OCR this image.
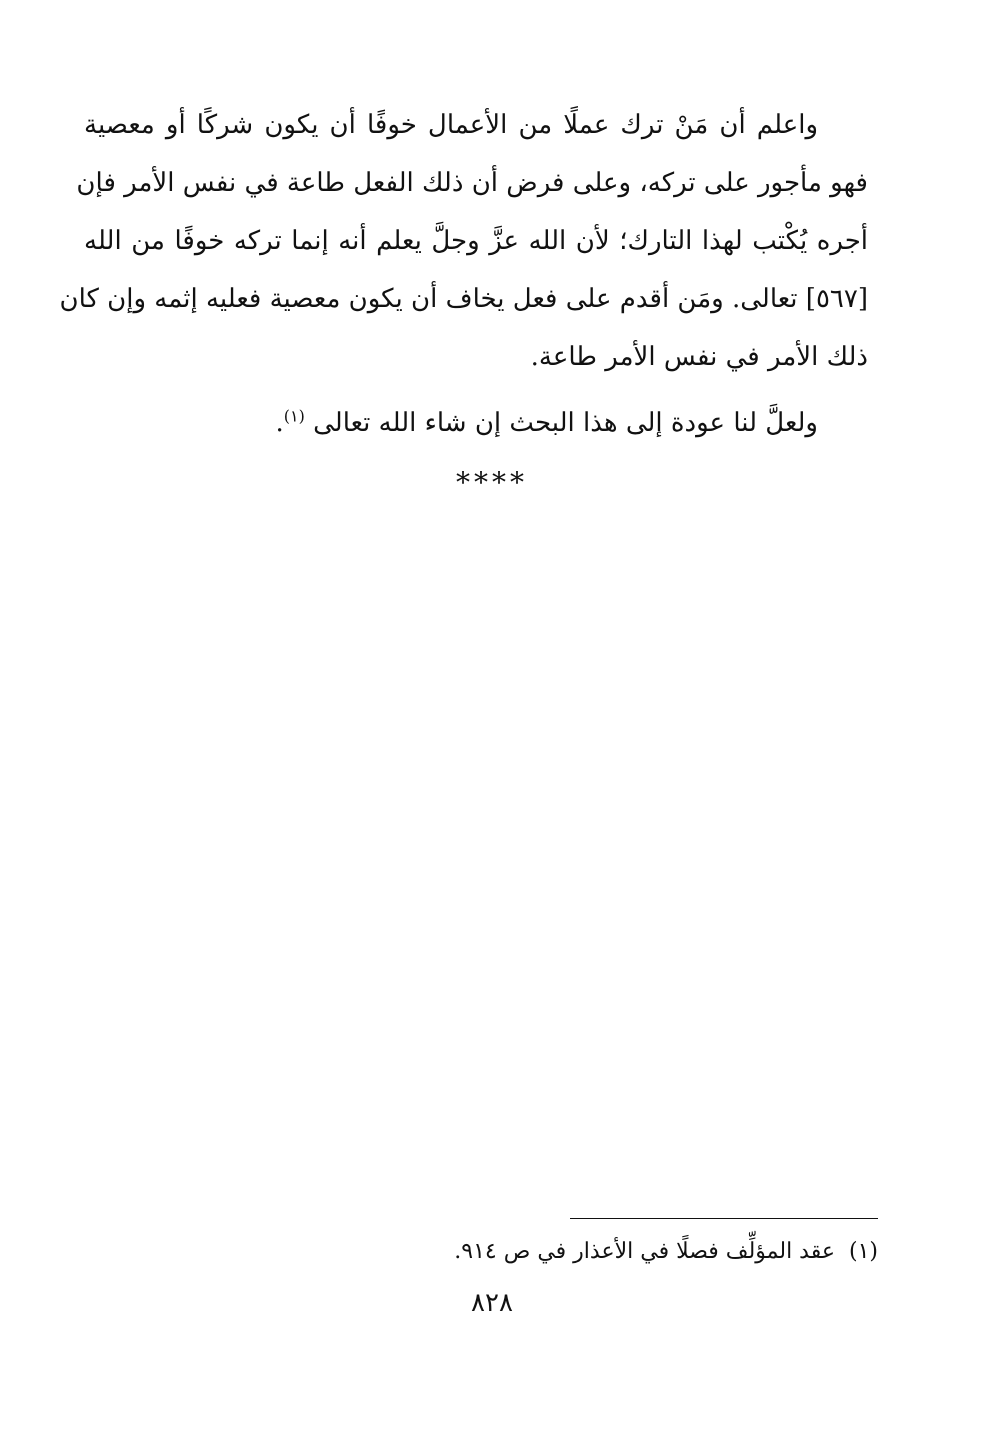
واعلم أن مَنْ ترك عملًا من الأعمال خوفًا أن يكون شركًا أو معصية
فهو مأجور على تركه، وعلى فرض أن ذلك الفعل طاعة في نفس الأمر فإن
أجره يُكْتب لهذا التارك؛ لأن الله عزَّ وجلَّ يعلم أنه إنما تركه خوفًا من الله
[٥٦٧] تعالى. ومَن أقدم على فعل يخاف أن يكون معصية فعليه إثمه وإن كان
ذلك الأمر في نفس الأمر طاعة.
ولعلَّ لنا عودة إلى هذا البحث إن شاء الله تعالى $^{(١)}$.
****
(١)عقد المؤلِّف فصلًا في الأعذار في ص ٩١٤.
٨٢٨
